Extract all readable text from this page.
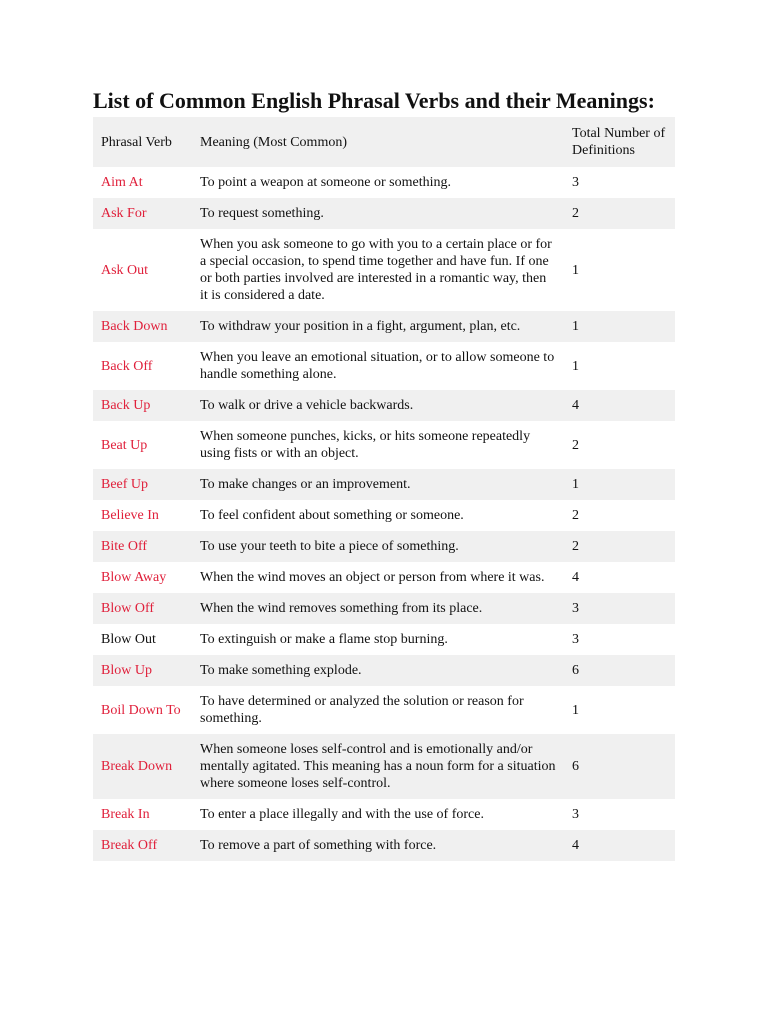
List of Common English Phrasal Verbs and their Meanings:
Phrasal Verb	Meaning (Most Common)	Total Number of Definitions
Aim At	To point a weapon at someone or something.	3
Ask For	To request something.	2
Ask Out	When you ask someone to go with you to a certain place or for a special occasion, to spend time together and have fun. If one or both parties involved are interested in a romantic way, then it is considered a date.	1
Back Down	To withdraw your position in a fight, argument, plan, etc.	1
Back Off	When you leave an emotional situation, or to allow someone to handle something alone.	1
Back Up	To walk or drive a vehicle backwards.	4
Beat Up	When someone punches, kicks, or hits someone repeatedly using fists or with an object.	2
Beef Up	To make changes or an improvement.	1
Believe In	To feel confident about something or someone.	2
Bite Off	To use your teeth to bite a piece of something.	2
Blow Away	When the wind moves an object or person from where it was.	4
Blow Off	When the wind removes something from its place.	3
Blow Out	To extinguish or make a flame stop burning.	3
Blow Up	To make something explode.	6
Boil Down To	To have determined or analyzed the solution or reason for something.	1
Break Down	When someone loses self-control and is emotionally and/or mentally agitated. This meaning has a noun form for a situation where someone loses self-control.	6
Break In	To enter a place illegally and with the use of force.	3
Break Off	To remove a part of something with force.	4
